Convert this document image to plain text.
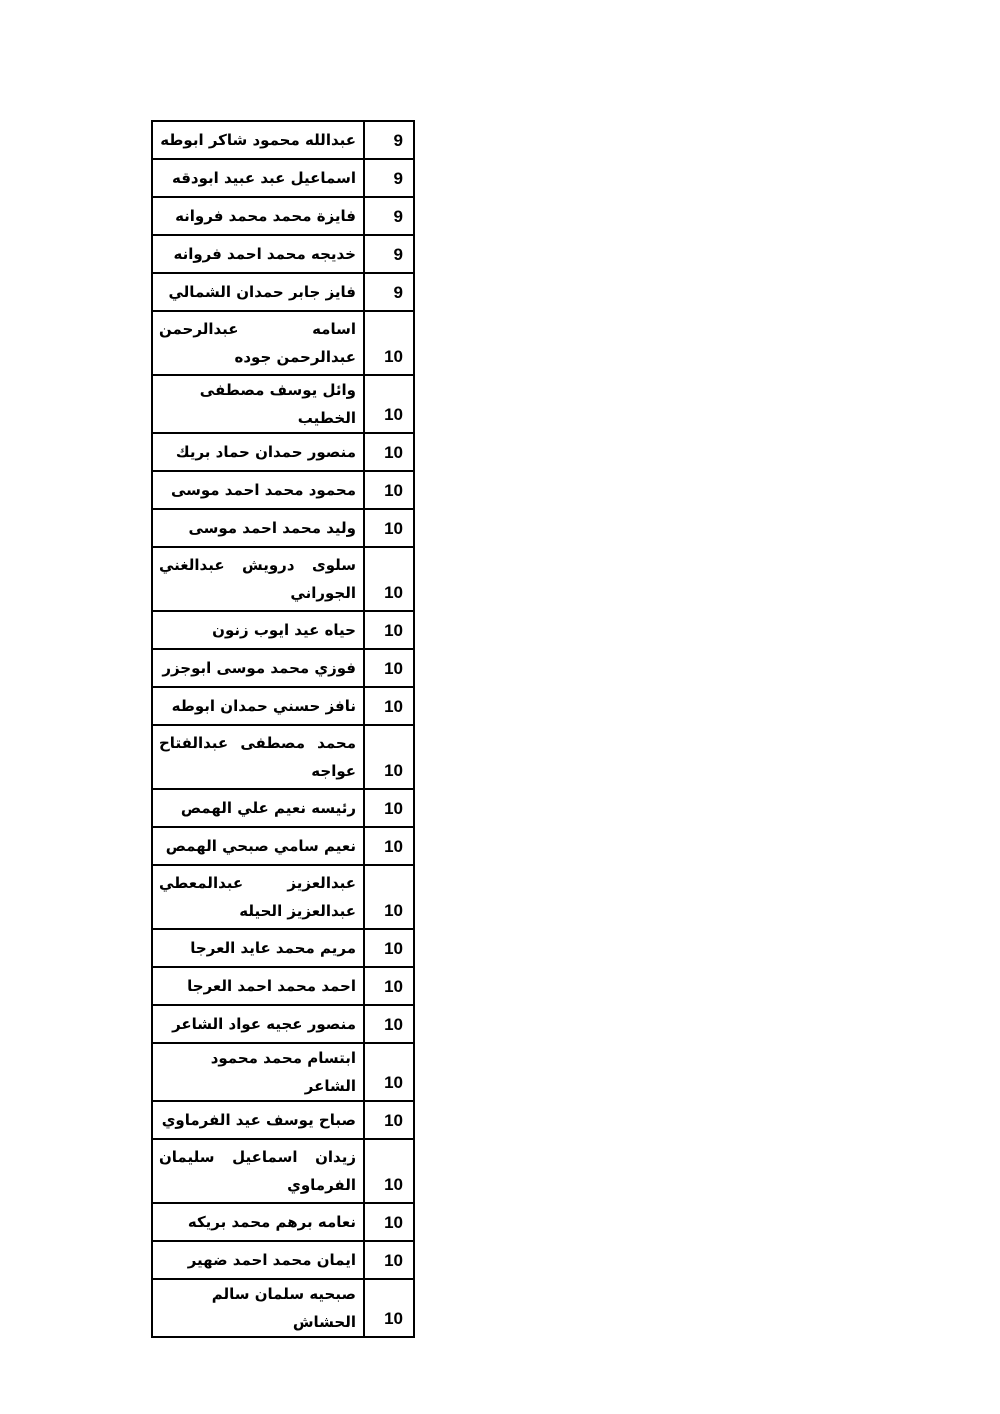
9	عبدالله محمود شاكر ابوطه
9	اسماعيل عبد عبيد ابودقه
9	فايزة محمد محمد فروانه
9	خديجه محمد احمد فروانه
9	فايز جابر حمدان الشمالي
10	اسامه عبدالرحمن عبدالرحمن جوده
10	وائل يوسف مصطفى الخطيب
10	منصور حمدان حماد بريك
10	محمود محمد احمد موسى
10	وليد محمد احمد موسى
10	سلوى درويش عبدالغني الجوراني
10	حياه عيد ايوب زنون
10	فوزي محمد موسى ابوجزر
10	نافز حسني حمدان ابوطه
10	محمد مصطفى عبدالفتاح عواجه
10	رئيسه نعيم علي الهمص
10	نعيم سامي صبحي الهمص
10	عبدالعزيز عبدالمعطي عبدالعزيز الحيله
10	مريم محمد عايد العرجا
10	احمد محمد احمد العرجا
10	منصور عجيه عواد الشاعر
10	ابتسام محمد محمود الشاعر
10	صباح يوسف عيد الفرماوي
10	زيدان اسماعيل سليمان الفرماوي
10	نعامه برهم محمد بريكه
10	ايمان محمد احمد ضهير
10	صبحيه سلمان سالم الحشاش
